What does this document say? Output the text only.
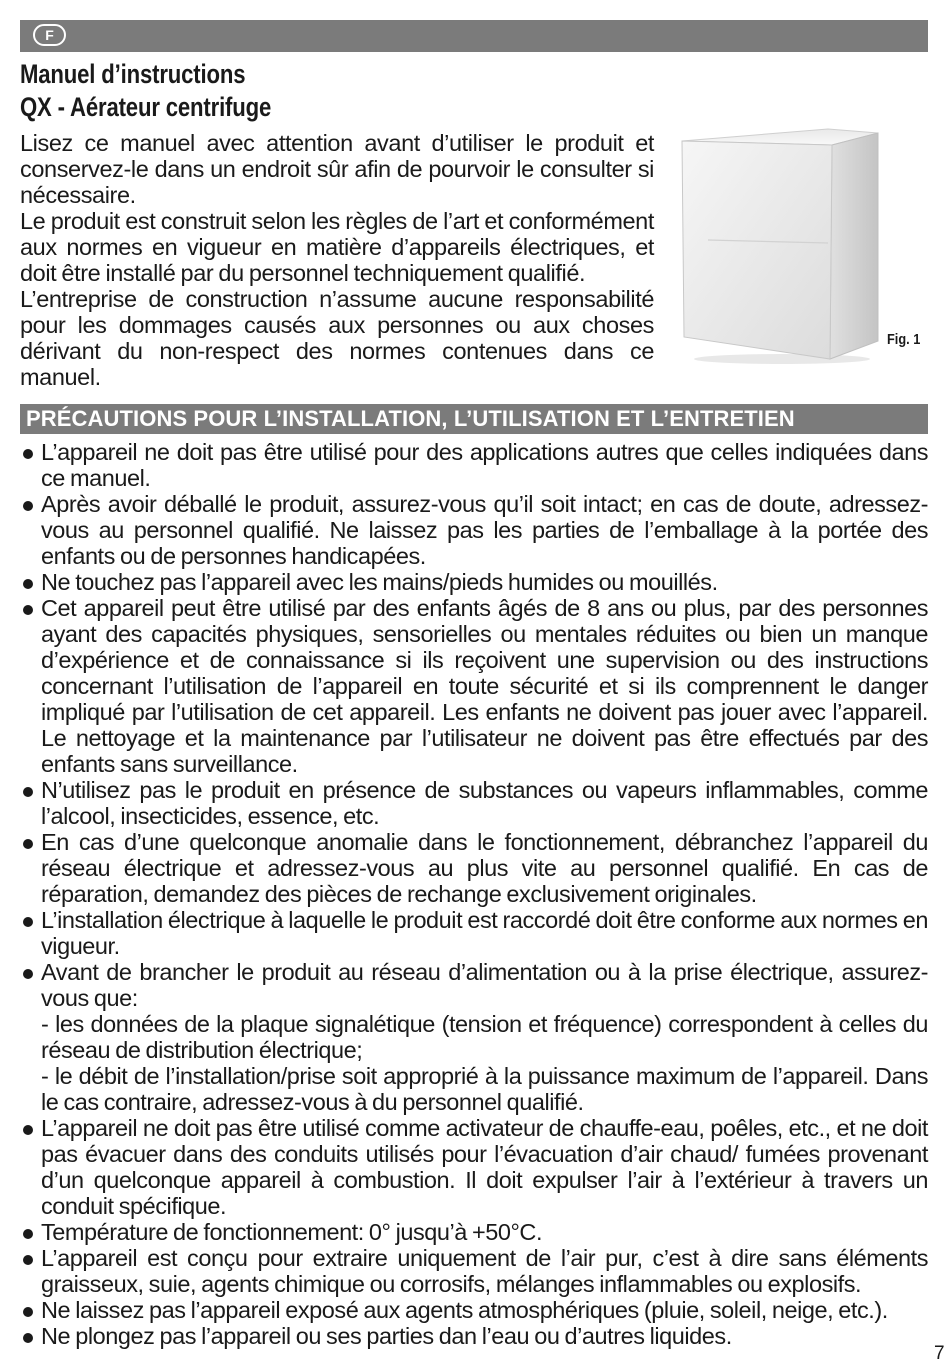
F
Manuel d’instructions
QX - Aérateur centrifuge

Lisez ce manuel avec attention avant d’utiliser le produit et conservez-le dans un endroit sûr afin de pourvoir le consulter si nécessaire.

Le produit est construit selon les règles de l’art et conformément aux normes en vigueur en matière d’appareils électriques, et doit être installé par du personnel techniquement qualifié.

L’entreprise de construction n’assume aucune responsabilité pour les dommages causés aux personnes ou aux choses dérivant du non-respect des normes contenues dans ce manuel.

Fig. 1
PRÉCAUTIONS POUR L’INSTALLATION, L’UTILISATION ET L’ENTRETIEN
L’appareil ne doit pas être utilisé pour des applications autres que celles indiquées dans ce manuel.
Après avoir déballé le produit, assurez-vous qu’il soit intact; en cas de doute, adressez-vous au personnel qualifié. Ne laissez pas les parties de l’emballage à la portée des enfants ou de personnes handicapées.
Ne touchez pas l’appareil avec les mains/pieds humides ou mouillés.
Cet appareil peut être utilisé par des enfants âgés de 8 ans ou plus, par des personnes ayant des capacités physiques, sensorielles ou mentales réduites ou bien un manque d’expérience et de connaissance si ils reçoivent une supervision ou des instructions concernant l’utilisation de l’appareil en toute sécurité et si ils comprennent le danger impliqué par l’utilisation de cet appareil. Les enfants ne doivent pas jouer avec l’appareil. Le nettoyage et la maintenance par l’utilisateur ne doivent pas être effectués par des enfants sans surveillance.
N’utilisez pas le produit en présence de substances ou vapeurs inflammables, comme l’alcool, insecticides, essence, etc.
En cas d’une quelconque anomalie dans le fonctionnement, débranchez l’appareil du réseau électrique et adressez-vous au plus vite au personnel qualifié. En cas de réparation, demandez des pièces de rechange exclusivement originales.
L’installation électrique à laquelle le produit est raccordé doit être conforme aux normes en vigueur.
Avant de brancher le produit au réseau d’alimentation ou à la prise électrique, assurez-vous que:
- les données de la plaque signalétique (tension et fréquence) correspondent à celles du réseau de distribution électrique;
- le débit de l’installation/prise soit approprié à la puissance maximum de l’appareil. Dans le cas contraire, adressez-vous à du personnel qualifié.
L’appareil ne doit pas être utilisé comme activateur de chauffe-eau, poêles, etc., et ne doit pas évacuer dans des conduits utilisés pour l’évacuation d’air chaud/ fumées provenant d’un quelconque appareil à combustion. Il doit expulser l’air à l’extérieur à travers un conduit spécifique.
Température de fonctionnement: 0° jusqu’à +50°C.
L’appareil est conçu pour extraire uniquement de l’air pur, c’est à dire sans éléments graisseux, suie, agents chimique ou corrosifs, mélanges inflammables ou explosifs.
Ne laissez pas l’appareil exposé aux agents atmosphériques (pluie, soleil, neige, etc.).
Ne plongez pas l’appareil ou ses parties dan l’eau ou d’autres liquides.
7
